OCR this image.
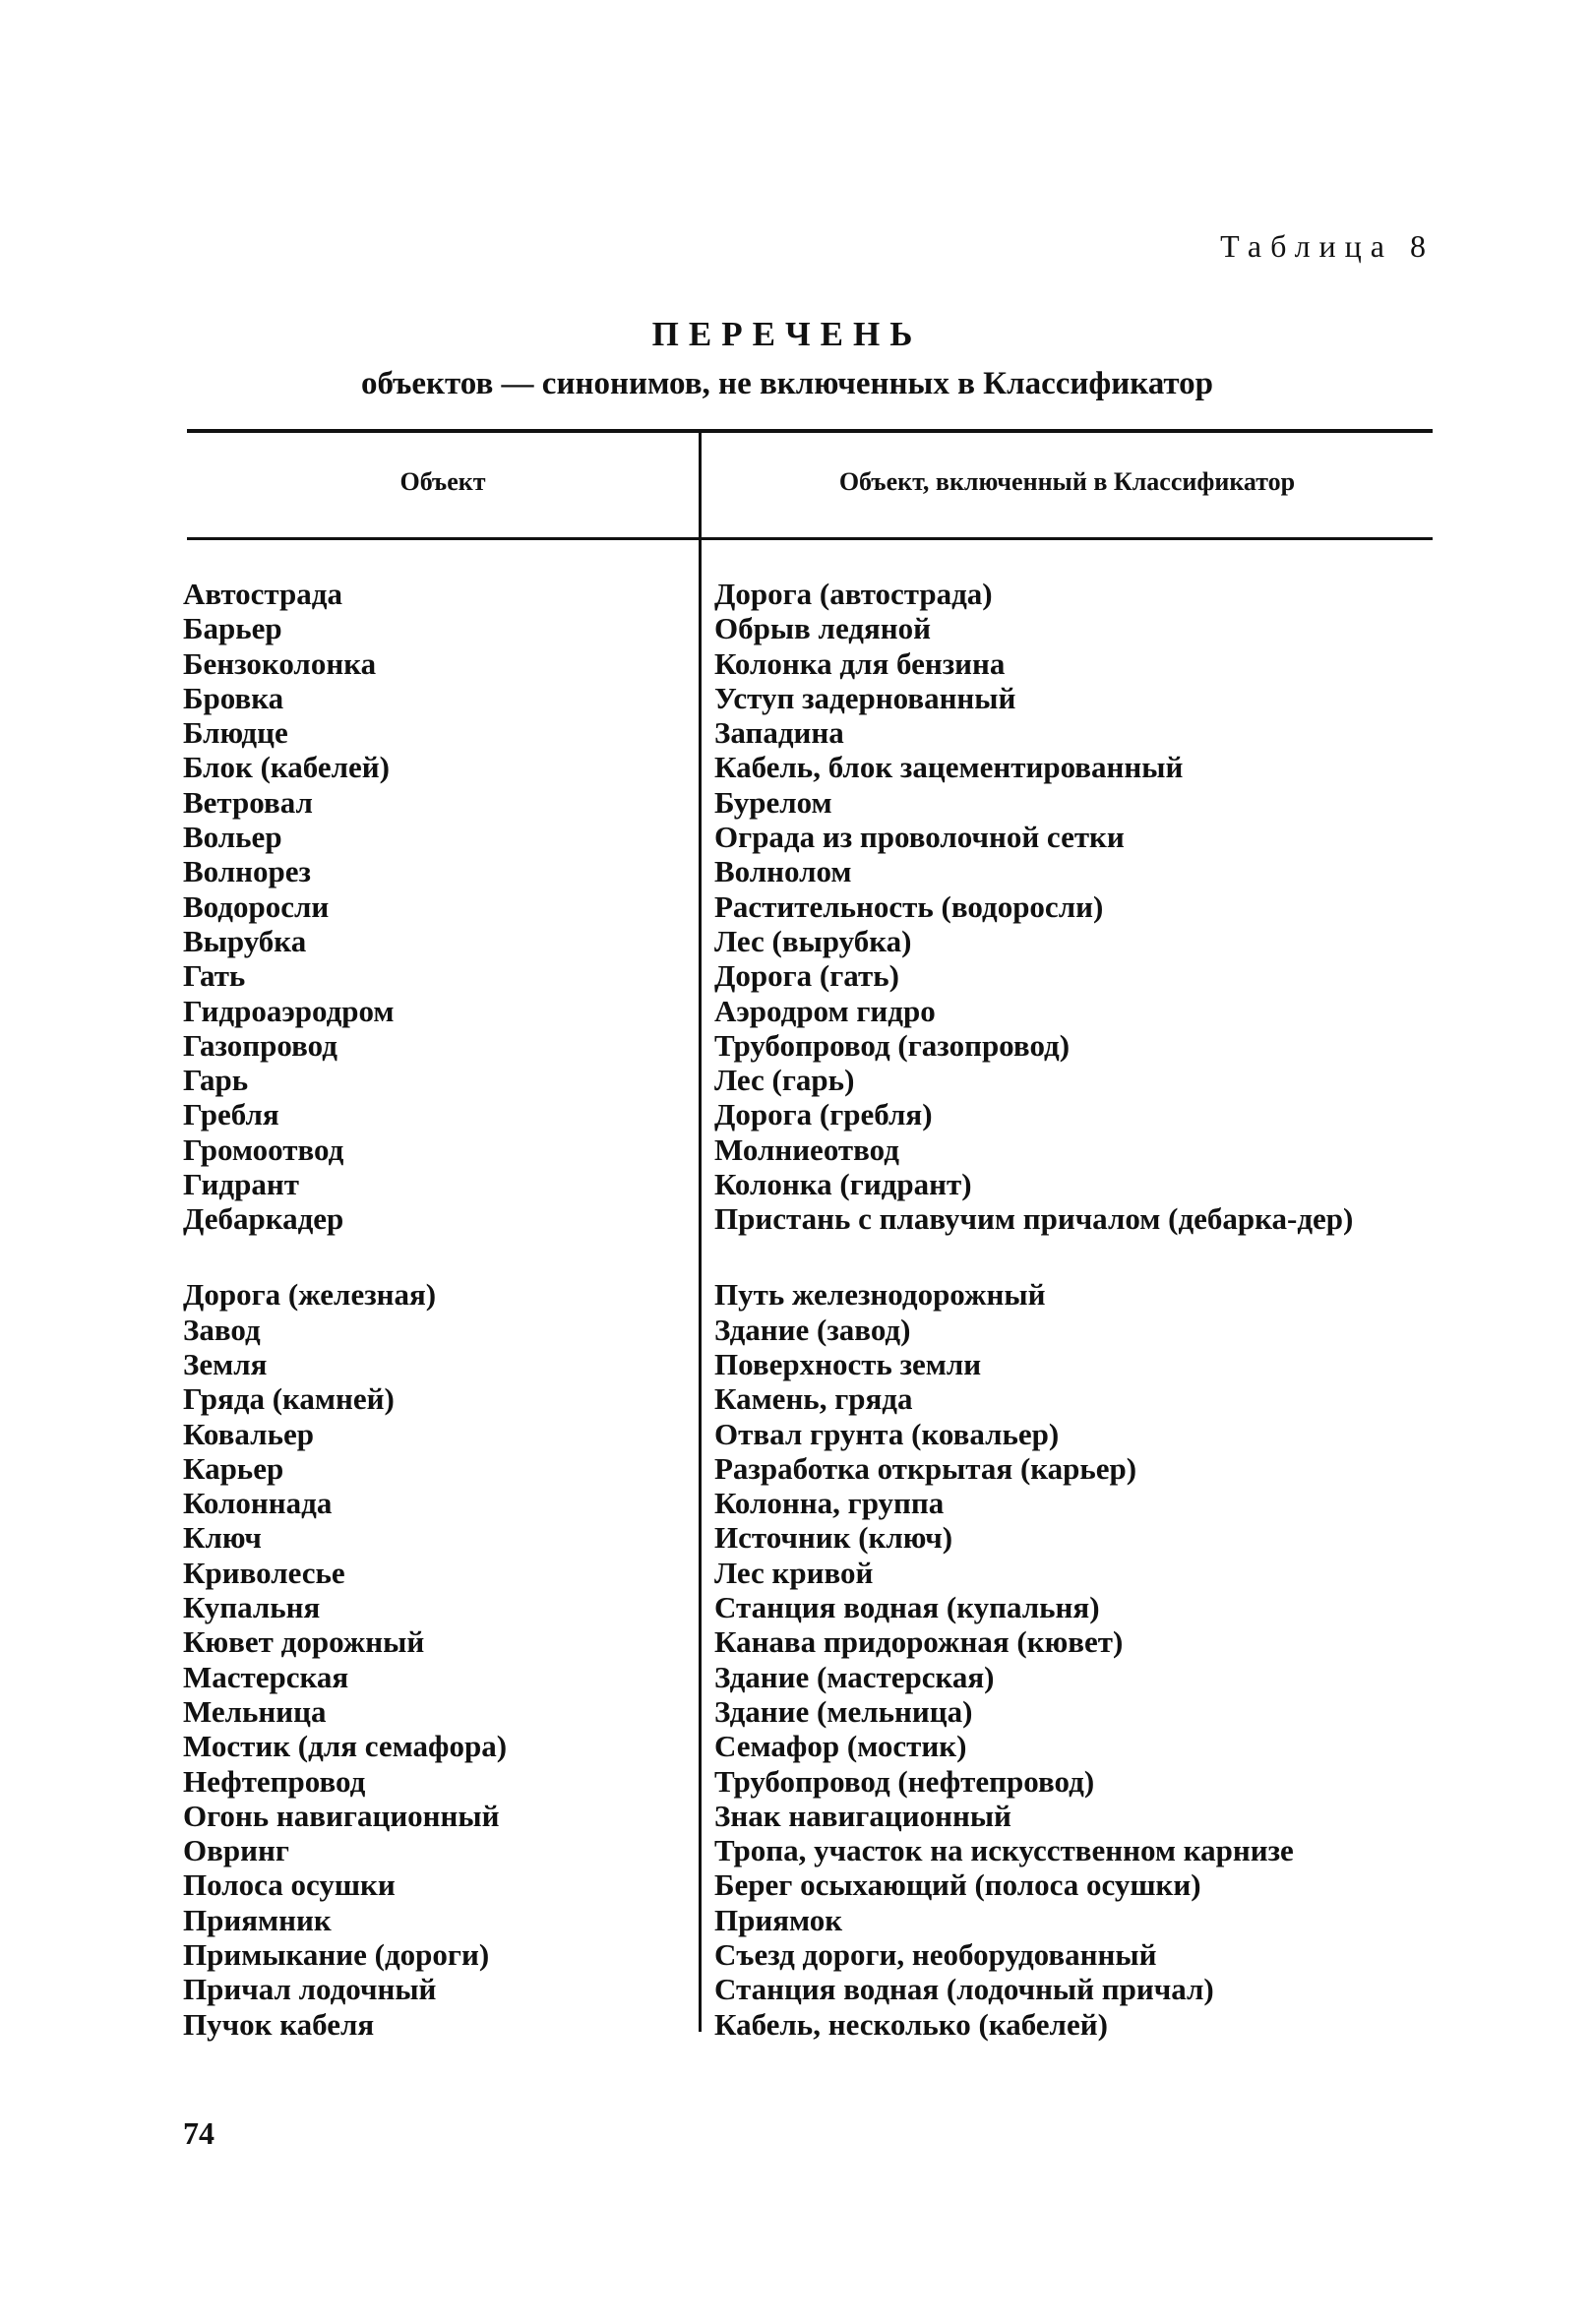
Таблица 8
ПЕРЕЧЕНЬ
объектов — синонимов, не включенных в Классификатор
Объект	Объект, включенный в Классификатор
Автострада	Дорога (автострада)
Барьер	Обрыв ледяной
Бензоколонка	Колонка для бензина
Бровка	Уступ задернованный
Блюдце	Западина
Блок (кабелей)	Кабель, блок зацементированный
Ветровал	Бурелом
Вольер	Ограда из проволочной сетки
Волнорез	Волнолом
Водоросли	Растительность (водоросли)
Вырубка	Лес (вырубка)
Гать	Дорога (гать)
Гидроаэродром	Аэродром гидро
Газопровод	Трубопровод (газопровод)
Гарь	Лес (гарь)
Гребля	Дорога (гребля)
Громоотвод	Молниеотвод
Гидрант	Колонка (гидрант)
Дебаркадер	Пристань с плавучим причалом (дебарка-дер)
Дорога (железная)	Путь железнодорожный
Завод	Здание (завод)
Земля	Поверхность земли
Гряда (камней)	Камень, гряда
Ковальер	Отвал грунта (ковальер)
Карьер	Разработка открытая (карьер)
Колоннада	Колонна, группа
Ключ	Источник (ключ)
Криволесье	Лес кривой
Купальня	Станция водная (купальня)
Кювет дорожный	Канава придорожная (кювет)
Мастерская	Здание (мастерская)
Мельница	Здание (мельница)
Мостик (для семафора)	Семафор (мостик)
Нефтепровод	Трубопровод (нефтепровод)
Огонь навигационный	Знак навигационный
Овринг	Тропа, участок на искусственном карнизе
Полоса осушки	Берег осыхающий (полоса осушки)
Приямник	Приямок
Примыкание (дороги)	Съезд дороги, необорудованный
Причал лодочный	Станция водная (лодочный причал)
Пучок кабеля	Кабель, несколько (кабелей)
74
